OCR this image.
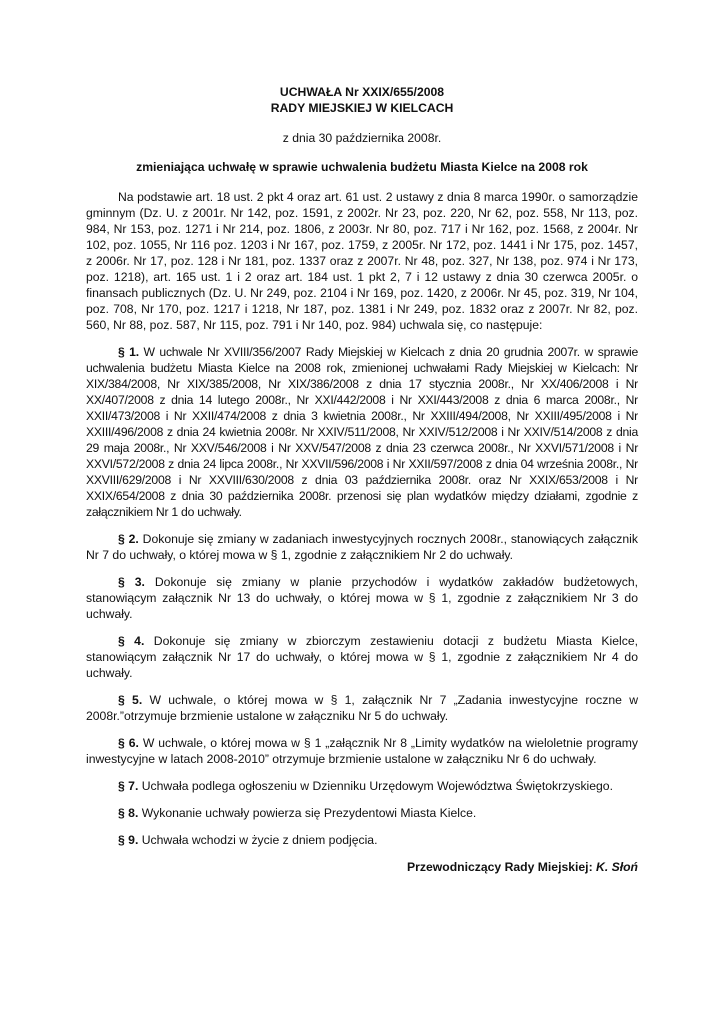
UCHWAŁA Nr XXIX/655/2008
RADY MIEJSKIEJ W KIELCACH
z dnia 30 października 2008r.
zmieniająca uchwałę w sprawie uchwalenia budżetu Miasta Kielce na 2008 rok
Na podstawie art. 18 ust. 2 pkt 4 oraz art. 61 ust. 2 ustawy z dnia 8 marca 1990r. o samorządzie gminnym (Dz. U. z 2001r. Nr 142, poz. 1591, z 2002r. Nr 23, poz. 220, Nr 62, poz. 558, Nr 113, poz. 984, Nr 153, poz. 1271 i Nr 214, poz. 1806, z 2003r. Nr 80, poz. 717 i Nr 162, poz. 1568, z 2004r. Nr 102, poz. 1055, Nr 116 poz. 1203 i Nr 167, poz. 1759, z 2005r. Nr 172, poz. 1441 i Nr 175, poz. 1457, z 2006r. Nr 17, poz. 128 i Nr 181, poz. 1337 oraz z 2007r. Nr 48, poz. 327, Nr 138, poz. 974 i Nr 173, poz. 1218), art. 165 ust. 1 i 2 oraz art. 184 ust. 1 pkt 2, 7 i 12 ustawy z dnia 30 czerwca 2005r. o finansach publicznych (Dz. U. Nr 249, poz. 2104 i Nr 169, poz. 1420, z 2006r. Nr 45, poz. 319, Nr 104, poz. 708, Nr 170, poz. 1217 i 1218, Nr 187, poz. 1381 i Nr 249, poz. 1832 oraz z 2007r. Nr 82, poz. 560, Nr 88, poz. 587, Nr 115, poz. 791 i Nr 140, poz. 984) uchwala się, co następuje:
§ 1. W uchwale Nr XVIII/356/2007 Rady Miejskiej w Kielcach z dnia 20 grudnia 2007r. w sprawie uchwalenia budżetu Miasta Kielce na 2008 rok, zmienionej uchwałami Rady Miejskiej w Kielcach: Nr XIX/384/2008, Nr XIX/385/2008, Nr XIX/386/2008 z dnia 17 stycznia 2008r., Nr XX/406/2008 i Nr XX/407/2008 z dnia 14 lutego 2008r., Nr XXI/442/2008 i Nr XXI/443/2008 z dnia 6 marca 2008r., Nr XXII/473/2008 i Nr XXII/474/2008 z dnia 3 kwietnia 2008r., Nr XXIII/494/2008, Nr XXIII/495/2008 i Nr XXIII/496/2008 z dnia 24 kwietnia 2008r. Nr XXIV/511/2008, Nr XXIV/512/2008 i Nr XXIV/514/2008 z dnia 29 maja 2008r., Nr XXV/546/2008 i Nr XXV/547/2008 z dnia 23 czerwca 2008r., Nr XXVI/571/2008 i Nr XXVI/572/2008 z dnia 24 lipca 2008r., Nr XXVII/596/2008 i Nr XXII/597/2008 z dnia 04 września 2008r., Nr XXVIII/629/2008 i Nr XXVIII/630/2008 z dnia 03 października 2008r. oraz Nr XXIX/653/2008 i Nr XXIX/654/2008 z dnia 30 października 2008r. przenosi się plan wydatków między działami, zgodnie z załącznikiem Nr 1 do uchwały.
§ 2. Dokonuje się zmiany w zadaniach inwestycyjnych rocznych 2008r., stanowiących załącznik Nr 7 do uchwały, o której mowa w § 1, zgodnie z załącznikiem Nr 2 do uchwały.
§ 3. Dokonuje się zmiany w planie przychodów i wydatków zakładów budżetowych, stanowiącym załącznik Nr 13 do uchwały, o której mowa w § 1, zgodnie z załącznikiem Nr 3 do uchwały.
§ 4. Dokonuje się zmiany w zbiorczym zestawieniu dotacji z budżetu Miasta Kielce, stanowiącym załącznik Nr 17 do uchwały, o której mowa w § 1, zgodnie z załącznikiem Nr 4 do uchwały.
§ 5. W uchwale, o której mowa w § 1, załącznik Nr 7 „Zadania inwestycyjne roczne w 2008r.”otrzymuje brzmienie ustalone w załączniku Nr 5 do uchwały.
§ 6. W uchwale, o której mowa w § 1 „załącznik Nr 8 „Limity wydatków na wieloletnie programy inwestycyjne w latach 2008-2010” otrzymuje brzmienie ustalone w załączniku Nr 6 do uchwały.
§ 7. Uchwała podlega ogłoszeniu w Dzienniku Urzędowym Województwa Świętokrzyskiego.
§ 8. Wykonanie uchwały powierza się Prezydentowi Miasta Kielce.
§ 9. Uchwała wchodzi w życie z dniem podjęcia.
Przewodniczący Rady Miejskiej: K. Słoń
